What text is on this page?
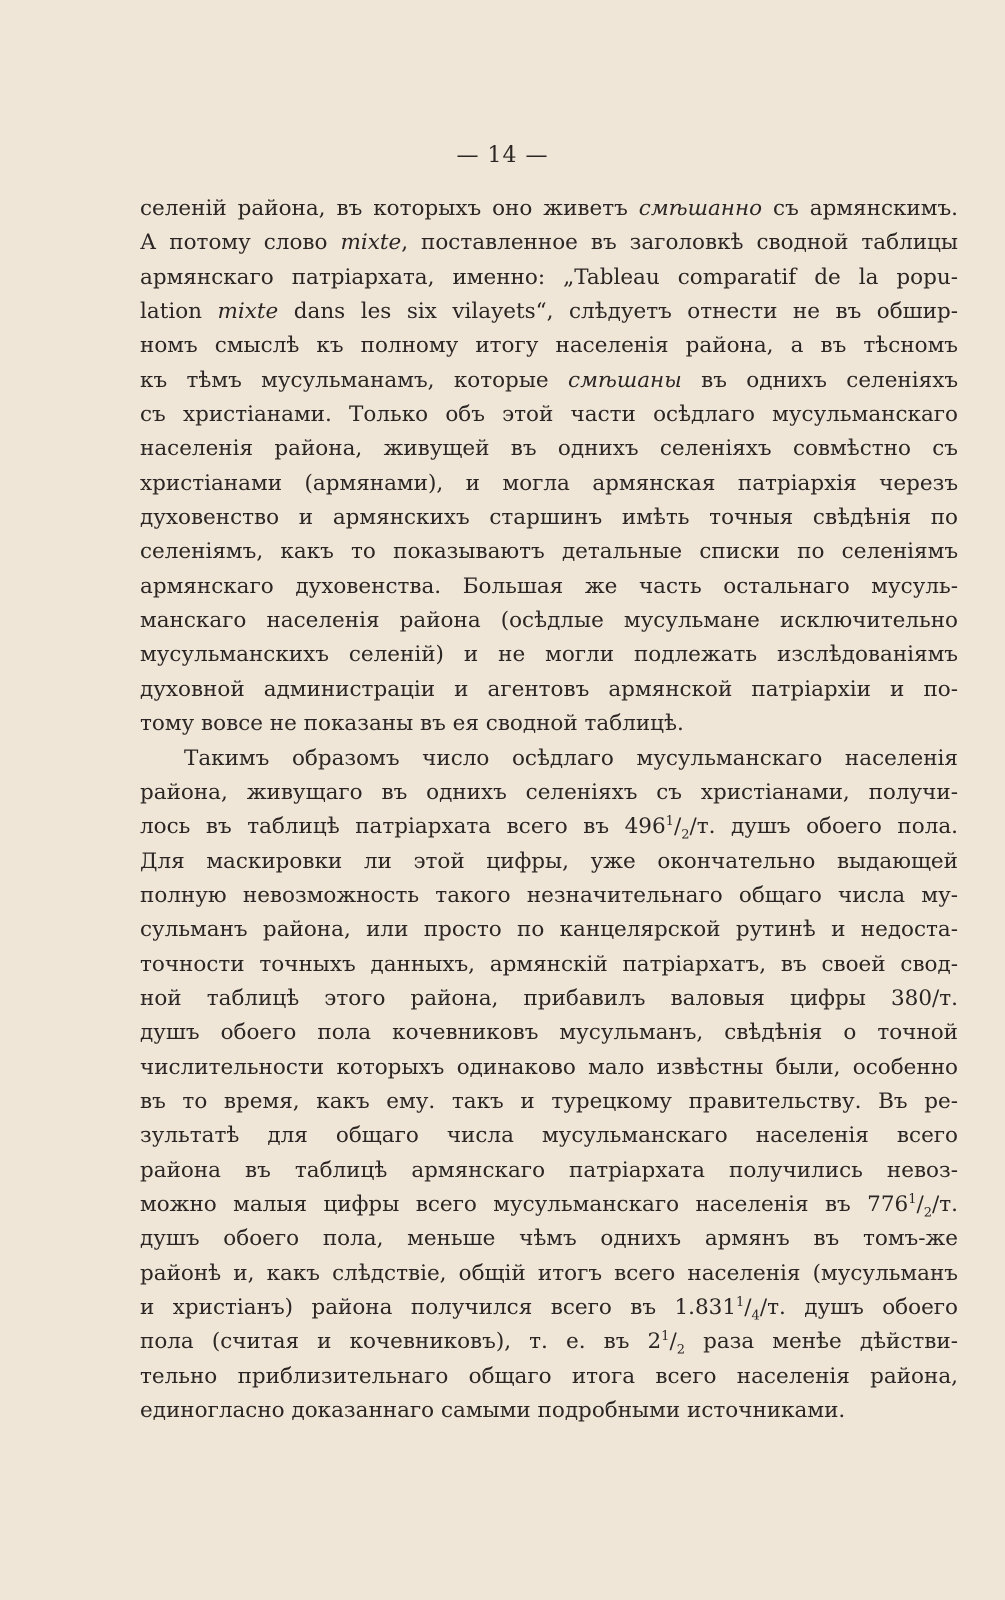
— 14 —
селеній района, въ которыхъ оно живетъ смѣшанно съ армянскимъ.
А потому слово mixte, поставленное въ заголовкѣ сводной таблицы
армянскаго патріархата, именно: „Tableau comparatif de la popu-
lation mixte dans les six vilayets“, слѣдуетъ отнести не въ обшир-
номъ смыслѣ къ полному итогу населенія района, а въ тѣсномъ
къ тѣмъ мусульманамъ, которые смѣшаны въ однихъ селеніяхъ
съ христіанами. Только объ этой части осѣдлаго мусульманскаго
населенія района, живущей въ однихъ селеніяхъ совмѣстно съ
христіанами (армянами), и могла армянская патріархія черезъ
духовенство и армянскихъ старшинъ имѣть точныя свѣдѣнія по
селеніямъ, какъ то показываютъ детальные списки по селеніямъ
армянскаго духовенства. Большая же часть остальнаго мусуль-
манскаго населенія района (осѣдлые мусульмане исключительно
мусульманскихъ селеній) и не могли подлежать изслѣдованіямъ
духовной администраціи и агентовъ армянской патріархіи и по-
тому вовсе не показаны въ ея сводной таблицѣ.
Такимъ образомъ число осѣдлаго мусульманскаго населенія
района, живущаго въ однихъ селеніяхъ съ христіанами, получи-
лось въ таблицѣ патріархата всего въ $496^1/_2/т$. душъ обоего пола.
Для маскировки ли этой цифры, уже окончательно выдающей
полную невозможность такого незначительнаго общаго числа му-
сульманъ района, или просто по канцелярской рутинѣ и недоста-
точности точныхъ данныхъ, армянскій патріархатъ, въ своей свод-
ной таблицѣ этого района, прибавилъ валовыя цифры 380/т.
душъ обоего пола кочевниковъ мусульманъ, свѣдѣнія о точной
числительности которыхъ одинаково мало извѣстны были, особенно
въ то время, какъ ему. такъ и турецкому правительству. Въ ре-
зультатѣ для общаго числа мусульманскаго населенія всего
района въ таблицѣ армянскаго патріархата получились невоз-
можно малыя цифры всего мусульманскаго населенія въ $776^1/_2/т$.
душъ обоего пола, меньше чѣмъ однихъ армянъ въ томъ-же
районѣ и, какъ слѣдствіе, общій итогъ всего населенія (мусульманъ
и христіанъ) района получился всего въ $1.831^1/_4/т$. душъ обоего
пола (считая и кочевниковъ), т. е. въ $2^1/_2$ раза менѣе дѣйстви-
тельно приблизительнаго общаго итога всего населенія района,
единогласно доказаннаго самыми подробными источниками.
